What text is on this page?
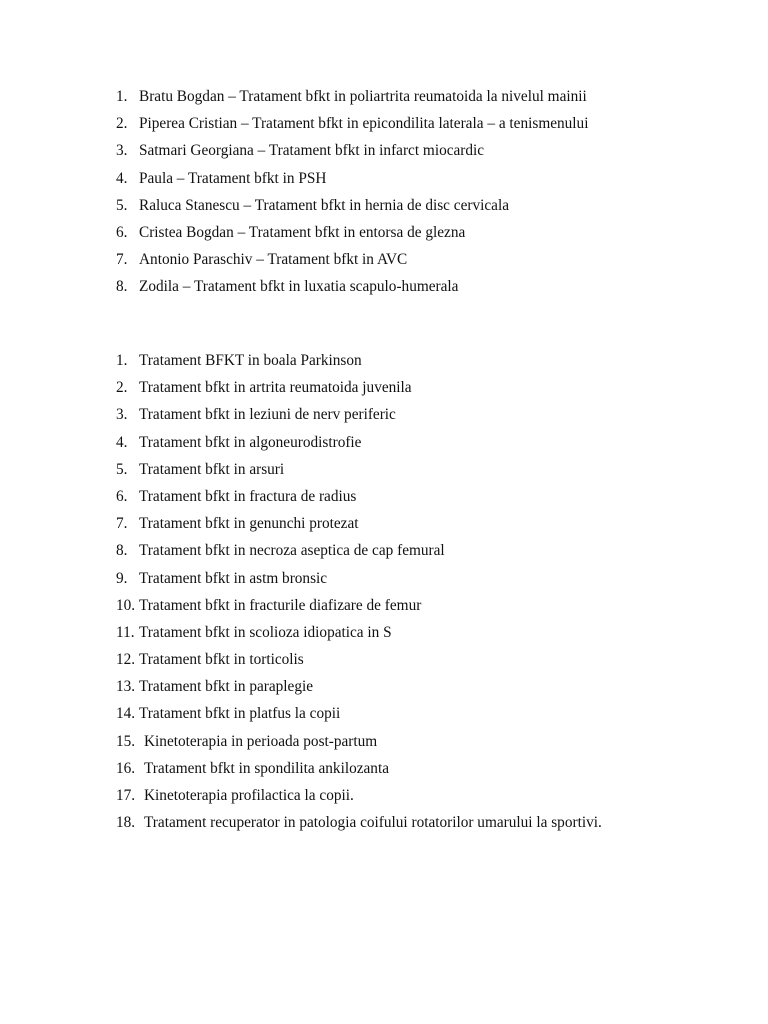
1. Bratu Bogdan – Tratament bfkt in poliartrita reumatoida la nivelul mainii
2. Piperea Cristian – Tratament bfkt in epicondilita laterala – a tenismenului
3. Satmari Georgiana – Tratament bfkt in infarct miocardic
4. Paula – Tratament bfkt in PSH
5. Raluca Stanescu – Tratament bfkt in hernia de disc cervicala
6. Cristea Bogdan – Tratament bfkt in entorsa de glezna
7. Antonio Paraschiv – Tratament bfkt in AVC
8. Zodila – Tratament bfkt in luxatia scapulo-humerala
1. Tratament BFKT in boala Parkinson
2. Tratament bfkt in artrita reumatoida juvenila
3. Tratament bfkt in leziuni de nerv periferic
4. Tratament bfkt in algoneurodistrofie
5. Tratament bfkt in arsuri
6. Tratament bfkt in fractura de radius
7. Tratament bfkt in genunchi protezat
8. Tratament bfkt in necroza aseptica de cap femural
9. Tratament bfkt in astm bronsic
10. Tratament bfkt in fracturile diafizare de femur
11. Tratament bfkt in scolioza idiopatica in S
12. Tratament bfkt in torticolis
13. Tratament bfkt in paraplegie
14. Tratament bfkt in platfus la copii
15. Kinetoterapia in perioada post-partum
16. Tratament bfkt in spondilita ankilozanta
17. Kinetoterapia profilactica la copii.
18. Tratament recuperator in patologia coifului rotatorilor umarului la sportivi.
